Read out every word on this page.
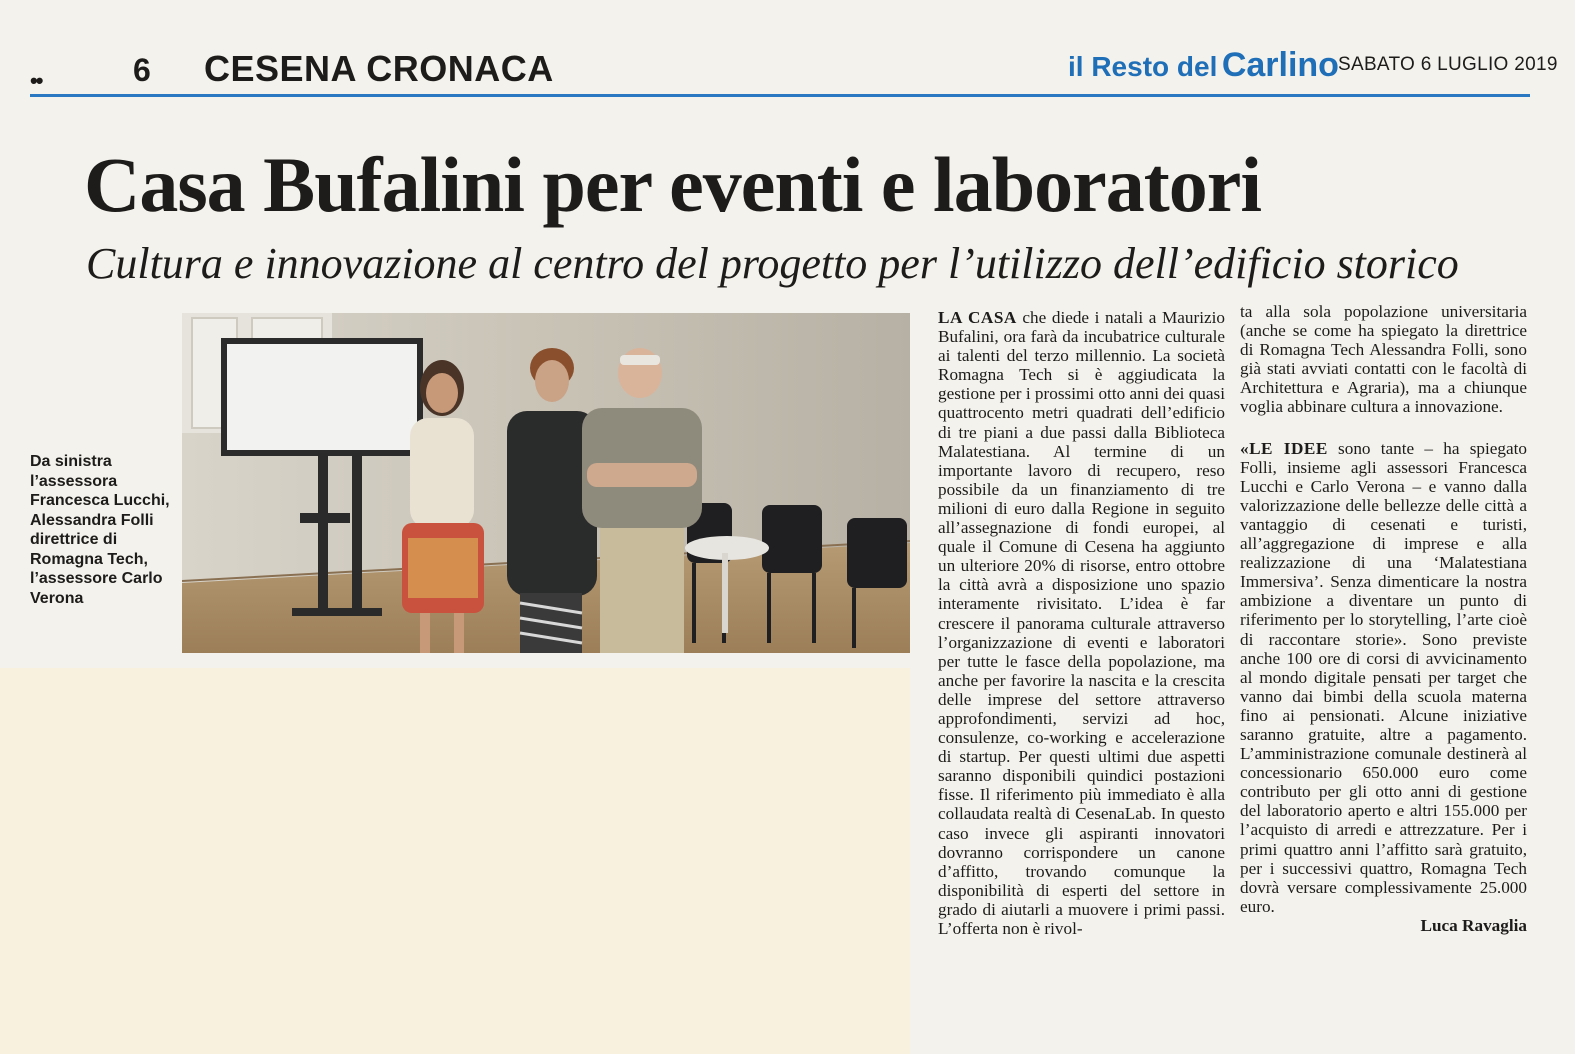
••	6 CESENA CRONACA	il Resto del Carlino SABATO 6 LUGLIO 2019
Casa Bufalini per eventi e laboratori
Cultura e innovazione al centro del progetto per l’utilizzo dell’edificio storico
Da sinistra l’assessora Francesca Lucchi, Alessandra Folli direttrice di Romagna Tech, l’assessore Carlo Verona

LA CASA che diede i natali a Maurizio Bufalini, ora farà da incubatrice culturale ai talenti del terzo millennio. La società Romagna Tech si è aggiudicata la gestione per i prossimi otto anni dei quasi quattrocento metri quadrati dell’edificio di tre piani a due passi dalla Biblioteca Malatestiana. Al termine di un importante lavoro di recupero, reso possibile da un finanziamento di tre milioni di euro dalla Regione in seguito all’assegnazione di fondi europei, al quale il Comune di Cesena ha aggiunto un ulteriore 20% di risorse, entro ottobre la città avrà a disposizione uno spazio interamente rivisitato. L’idea è far crescere il panorama culturale attraverso l’organizzazione di eventi e laboratori per tutte le fasce della popolazione, ma anche per favorire la nascita e la crescita delle imprese del settore attraverso approfondimenti, servizi ad hoc, consulenze, co-working e accelerazione di startup. Per questi ultimi due aspetti saranno disponibili quindici postazioni fisse. Il riferimento più immediato è alla collaudata realtà di CesenaLab. In questo caso invece gli aspiranti innovatori dovranno corrispondere un canone d’affitto, trovando comunque la disponibilità di esperti del settore in grado di aiutarli a muovere i primi passi. L’offerta non è rivol-

ta alla sola popolazione universitaria (anche se come ha spiegato la direttrice di Romagna Tech Alessandra Folli, sono già stati avviati contatti con le facoltà di Architettura e Agraria), ma a chiunque voglia abbinare cultura a innovazione.

«LE IDEE sono tante – ha spiegato Folli, insieme agli assessori Francesca Lucchi e Carlo Verona – e vanno dalla valorizzazione delle bellezze delle città a vantaggio di cesenati e turisti, all’aggregazione di imprese e alla realizzazione di una ‘Malatestiana Immersiva’. Senza dimenticare la nostra ambizione a diventare un punto di riferimento per lo storytelling, l’arte cioè di raccontare storie». Sono previste anche 100 ore di corsi di avvicinamento al mondo digitale pensati per target che vanno dai bimbi della scuola materna fino ai pensionati. Alcune iniziative saranno gratuite, altre a pagamento. L’amministrazione comunale destinerà al concessionario 650.000 euro come contributo per gli otto anni di gestione del laboratorio aperto e altri 155.000 per l’acquisto di arredi e attrezzature. Per i primi quattro anni l’affitto sarà gratuito, per i successivi quattro, Romagna Tech dovrà versare complessivamente 25.000 euro.

Luca Ravaglia
